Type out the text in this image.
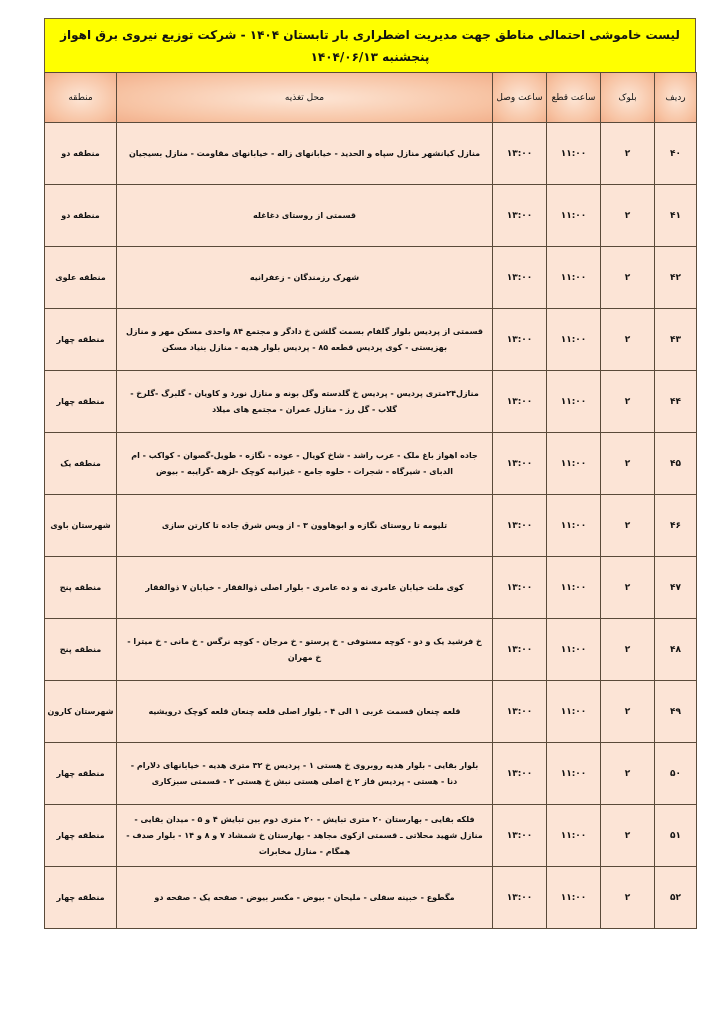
لیست خاموشی احتمالی مناطق جهت مدیریت اضطراری بار تابستان ۱۴۰۴ - شرکت توزیع نیروی برق اهواز
پنجشنبه ۱۴۰۴/۰۶/۱۳
ردیف	بلوک	ساعت قطع	ساعت وصل	محل تغذیه	منطقه
۴۰	۲	۱۱:۰۰	۱۳:۰۰	منازل کیانشهر منازل سپاه و الحدید - خیابانهای زاله - خیابانهای مقاومت - منازل بسیجیان	منطقه دو
۴۱	۲	۱۱:۰۰	۱۳:۰۰	قسمتی از روستای دغاغله	منطقه دو
۴۲	۲	۱۱:۰۰	۱۳:۰۰	شهرک رزمندگان - زعفرانیه	منطقه علوی
۴۳	۲	۱۱:۰۰	۱۳:۰۰	قسمتی از پردیس بلوار گلفام بسمت گلشن خ دادگر و مجتمع ۸۴ واحدی مسکن مهر و منازل بهزیستی - کوی پردیس قطعه ۸۵ - پردیس بلوار هدیه - منازل بنیاد مسکن	منطقه چهار
۴۴	۲	۱۱:۰۰	۱۳:۰۰	منازل۲۴متری پردیس - پردیس خ گلدسته وگل بونه و منازل نورد و کاویان - گلبرگ -گلرخ - گلاب - گل رز - منازل عمران - مجتمع های میلاد	منطقه چهار
۴۵	۲	۱۱:۰۰	۱۳:۰۰	جاده اهواز باغ ملک - عرب راشد - شاخ کویال - عوده - نگازه - طویل-گصوان - کواکب - ام الدبای - شیرگاه - شجرات - حلوه جامع - غیزانیه کوچک -لزهه -گرایبه - بیوض	منطقه یک
۴۶	۲	۱۱:۰۰	۱۳:۰۰	تلیومه تا روستای نگازه و ابوهاوون ۳ - از ویس شرق جاده تا کارتن سازی	شهرستان باوی
۴۷	۲	۱۱:۰۰	۱۳:۰۰	کوی ملت خیابان عامری نه و ده عامری - بلوار اصلی ذوالفقار - خیابان ۷ ذوالفقار	منطقه پنج
۴۸	۲	۱۱:۰۰	۱۳:۰۰	خ فرشید یک و دو - کوچه مستوفی - خ پرستو - خ مرجان - کوچه نرگس - خ مانی - خ میترا - خ مهران	منطقه پنج
۴۹	۲	۱۱:۰۰	۱۳:۰۰	قلعه چنعان قسمت غربی ۱ الی ۴ - بلوار اصلی قلعه چنعان قلعه کوچک درویشیه	شهرستان کارون
۵۰	۲	۱۱:۰۰	۱۳:۰۰	بلوار بقایی - بلوار هدیه روبروی خ هستی ۱ - پردیس خ ۳۲ متری هدیه - خیابانهای دلارام - دنا - هستی - پردیس فاز ۲ خ اصلی هستی نبش خ هستی ۲ - قسمتی سبزکاری	منطقه چهار
۵۱	۲	۱۱:۰۰	۱۳:۰۰	فلکه بقایی - بهارستان ۲۰ متری تبایش - ۲۰ متری دوم بین تبایش ۴ و ۵ - میدان بقایی - منازل شهید محلاتی ـ قسمتی ازکوی مجاهد - بهارستان خ شمشاد ۷ و ۸ و ۱۴ - بلوار صدف - همگام - منازل مخابرات	منطقه چهار
۵۲	۲	۱۱:۰۰	۱۳:۰۰	مگطوع - خبینه سفلی - ملیحان - بیوض - مکسر بیوض - صفحه یک - صفحه دو	منطقه چهار
